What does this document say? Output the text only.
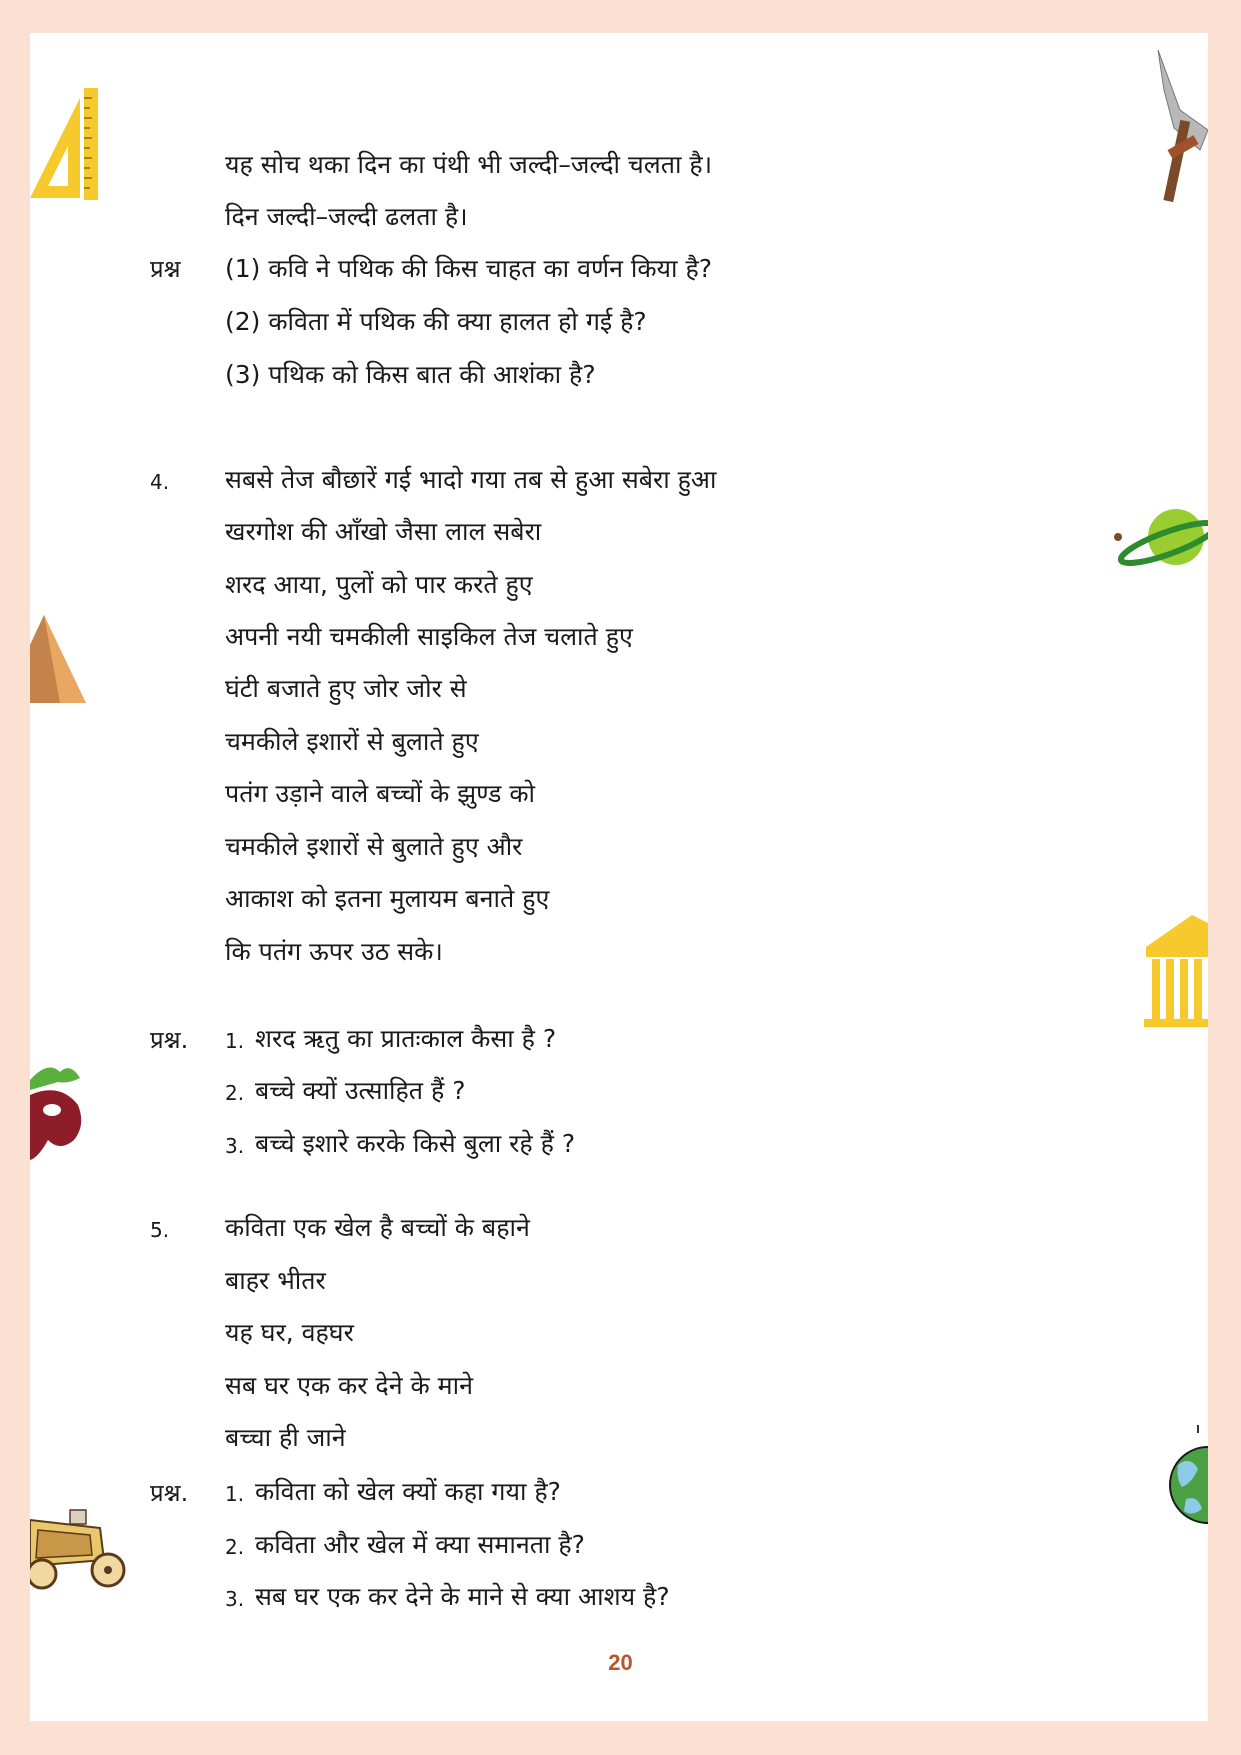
यह सोच थका दिन का पंथी भी जल्दी–जल्दी चलता है।
दिन जल्दी–जल्दी ढलता है।
प्रश्न (1) कवि ने पथिक की किस चाहत का वर्णन किया है?
(2) कविता में पथिक की क्या हालत हो गई है?
(3) पथिक को किस बात की आशंका है?
4. सबसे तेज बौछारें गई भादो गया तब से हुआ सबेरा हुआ
खरगोश की आँखो जैसा लाल सबेरा
शरद आया, पुलों को पार करते हुए
अपनी नयी चमकीली साइकिल तेज चलाते हुए
घंटी बजाते हुए जोर जोर से
चमकीले इशारों से बुलाते हुए
पतंग उड़ाने वाले बच्चों के झुण्ड को
चमकीले इशारों से बुलाते हुए और
आकाश को इतना मुलायम बनाते हुए
कि पतंग ऊपर उठ सके।
प्रश्न. 1. शरद ऋतु का प्रातःकाल कैसा है ?
2. बच्चे क्यों उत्साहित हैं ?
3. बच्चे इशारे करके किसे बुला रहे हैं ?
5. कविता एक खेल है बच्चों के बहाने
बाहर भीतर
यह घर, वहघर
सब घर एक कर देने के माने
बच्चा ही जाने
प्रश्न. 1. कविता को खेल क्यों कहा गया है?
2. कविता और खेल में क्या समानता है?
3. सब घर एक कर देने के माने से क्या आशय है?
20
